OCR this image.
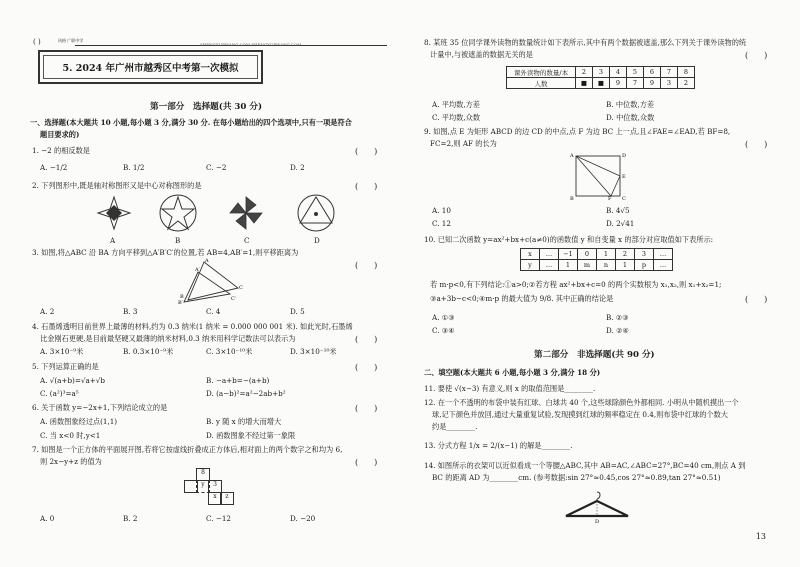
( )	风格 广联中学
SHENGXUEWANG.COM SHENGXUEWANG.COM
5. 2024 年广州市越秀区中考第一次模拟
第一部分　选择题(共 30 分)
一、选择题(本大题共 10 小题,每小题 3 分,满分 30 分. 在每小题给出的四个选项中,只有一项是符合
题目要求的)
1. −2 的相反数是	(　　)
A. −1/2	B. 1/2	C. −2	D. 2
2. 下列图形中,既是轴对称图形又是中心对称图形的是	(　　)
A	B	C	D
3. 如图,将△ABC 沿 BA 方向平移到△A′B′C′的位置,若 AB=4,AB′=1,则平移距离为
(　　)
A
A′
B
B′
C
C′
A. 2	B. 3	C. 4	D. 5
4. 石墨烯透明目前世界上最薄的材料,约为 0.3 纳米(1 纳米 = 0.000 000 001 米). 如此光时,石墨烯
比金刚石更硬,是目前最坚硬又最薄的纳米材料,0.3 纳米用科学记数法可以表示为	(　　)
A. 3×10⁻⁹米	B. 0.3×10⁻⁹米	C. 3×10⁻¹⁰米	D. 3×10⁻¹⁰米
5. 下列运算正确的是	(　　)
A. √(a+b)=√a+√b	B. −a+b=−(a+b)
C. (a²)³=a⁵	D. (a−b)²=a²−2ab+b²
6. 关于函数 y=−2x+1,下列结论成立的是	(　　)
A. 函数图象经过点(1,1)	B. y 随 x 的增大而增大
C. 当 x<0 时,y<1	D. 函数图象不经过第一象限
7. 如图是一个正方体的平面展开图,若将它按虚线折叠成正方体后,相对面上的两个数字之和均为 6,
则 2x−y+z 的值为	(　　)
8
y	3
x	z
A. 0	B. 2	C. −12	D. −20
8. 某班 35 位同学课外读物的数量统计如下表所示,其中有两个数据被遮盖,那么下列关于课外读物的统
计量中,与被遮盖的数据无关的是	(　　)
课外读物的数量/本	2	3	4	5	6	7	8
人数	■	■	9	7	9	3	2
A. 平均数,方差	B. 中位数,方差
C. 平均数,众数	D. 中位数,众数
9. 如图,点 E 为矩形 ABCD 的边 CD 的中点,点 F 为边 BC 上一点,且∠FAE=∠EAD,若 BF=8,
FC=2,则 AF 的长为	(　　)
A	D
E
B	F C
A. 10	B. 4√5
C. 12	D. 2√41
10. 已知二次函数 y=ax²+bx+c(a≠0)的函数值 y 和自变量 x 的部分对应取值如下表所示:
x	…	−1	0	1	2	3	…
y	…	1	m	n	1	p	…
若 m·p<0,有下列结论:①a>0;②若方程 ax²+bx+c=0 的两个实数根为 x₁,x₂,则 x₁+x₂=1;
③a+3b−c<0;④m·p 的最大值为 9/8. 其中正确的结论是	(　　)
A. ①③	B. ②③
C. ③④	D. ②④
第二部分　非选择题(共 90 分)
二、填空题(本大题共 6 小题,每小题 3 分,满分 18 分)
11. 要使 √(x−3) 有意义,则 x 的取值范围是________.
12. 在一个不透明的布袋中装有红球、白球共 40 个,这些球除颜色外都相同. 小明从中随机摸出一个
球,记下颜色并放回,通过大量重复试验,发现摸到红球的频率稳定在 0.4,则布袋中红球的个数大
约是________.
13. 分式方程 1/x = 2/(x−1) 的解是________.
14. 如图所示的衣架可以近似看成一个等腰△ABC,其中 AB=AC,∠ABC=27°,BC=40 cm,则点 A 到
BC 的距离 AD 为________cm. (参考数据:sin 27°≈0.45,cos 27°≈0.89,tan 27°≈0.51)
D
13
